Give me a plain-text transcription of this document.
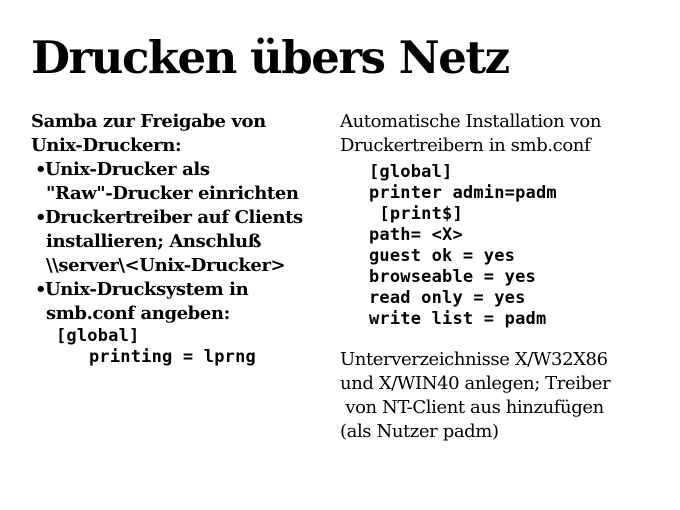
Drucken übers Netz
Samba zur Freigabe von
Unix-Druckern:
•Unix-Drucker als
"Raw"-Drucker einrichten
•Druckertreiber auf Clients
installieren; Anschluß
\\server\<Unix-Drucker>
•Unix-Drucksystem in
smb.conf angeben:
[global]
printing = lprng
Automatische Installation von
Druckertreibern in smb.conf
[global]
printer admin=padm
[print$]
path= <X>
guest ok = yes
browseable = yes
read only = yes
write list = padm
Unterverzeichnisse X/W32X86
und X/WIN40 anlegen; Treiber
von NT-Client aus hinzufügen
(als Nutzer padm)
